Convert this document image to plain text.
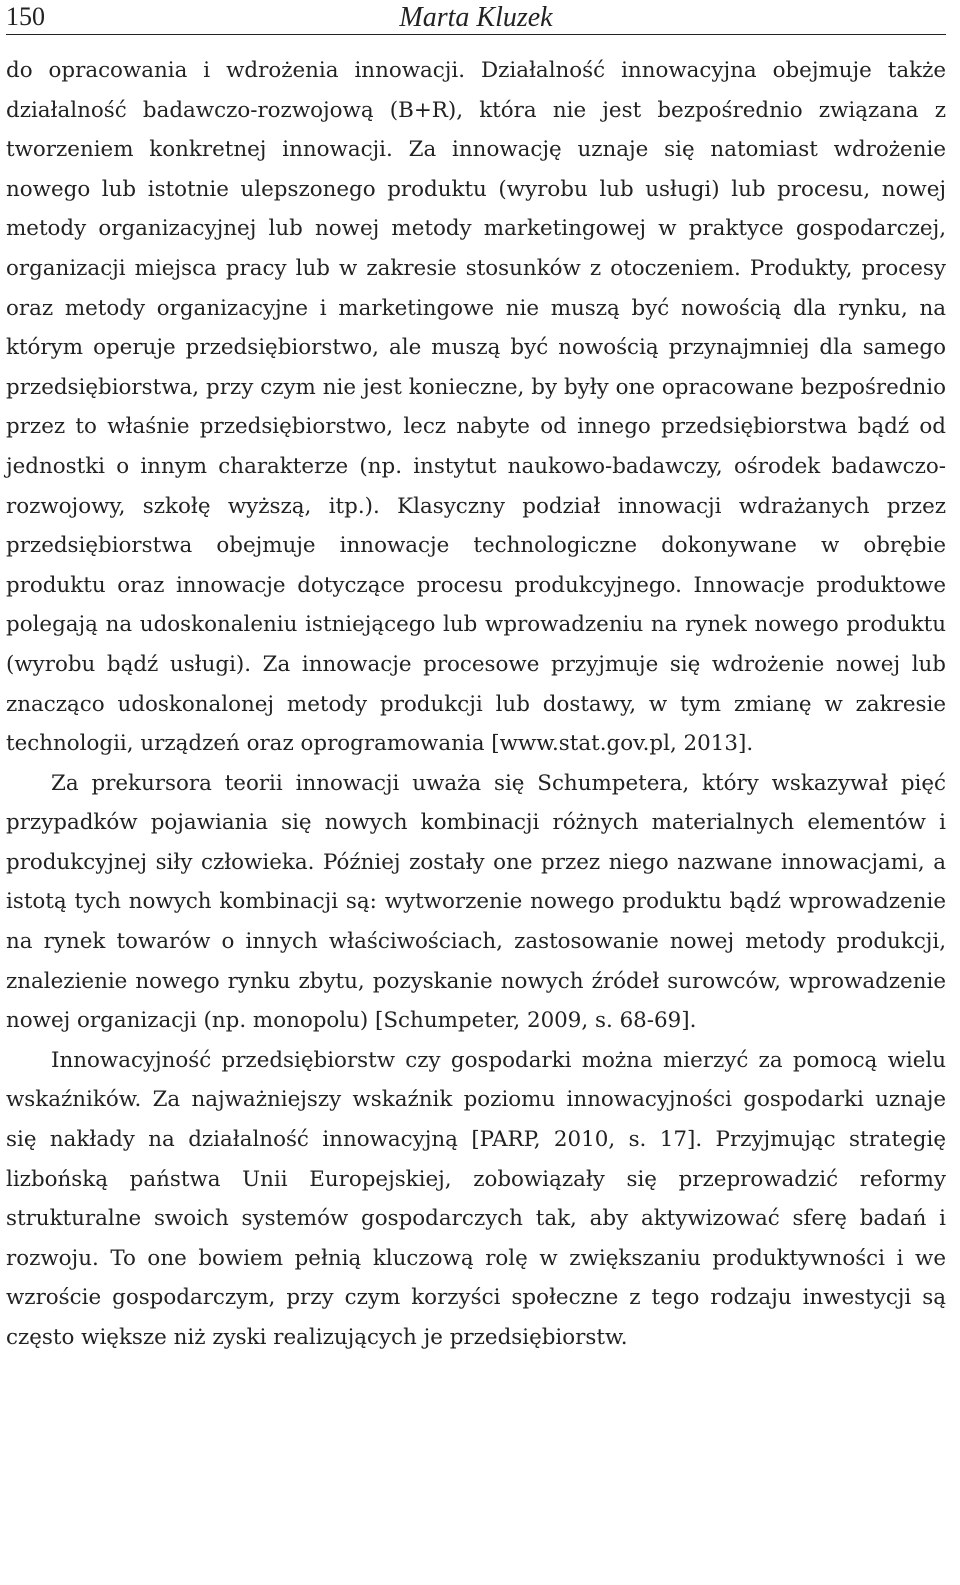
150	Marta Kluzek

do opracowania i wdrożenia innowacji. Działalność innowacyjna obejmuje także działalność badawczo-rozwojową (B+R), która nie jest bezpośrednio związana z tworzeniem konkretnej innowacji. Za innowację uznaje się natomiast wdrożenie nowego lub istotnie ulepszonego produktu (wyrobu lub usługi) lub procesu, nowej metody organizacyjnej lub nowej metody marketingowej w praktyce gospodarczej, organizacji miejsca pracy lub w zakresie stosunków z otoczeniem. Produkty, procesy oraz metody organizacyjne i marketingowe nie muszą być nowością dla rynku, na którym operuje przedsiębiorstwo, ale muszą być nowością przynajmniej dla samego przedsiębiorstwa, przy czym nie jest konieczne, by były one opracowane bezpośrednio przez to właśnie przedsiębiorstwo, lecz nabyte od innego przedsiębiorstwa bądź od jednostki o innym charakterze (np. instytut naukowo-badawczy, ośrodek badawczo-rozwojowy, szkołę wyższą, itp.). Klasyczny podział innowacji wdrażanych przez przedsiębiorstwa obejmuje innowacje technologiczne dokonywane w obrębie produktu oraz innowacje dotyczące procesu produkcyjnego. Innowacje produktowe polegają na udoskonaleniu istniejącego lub wprowadzeniu na rynek nowego produktu (wyrobu bądź usługi). Za innowacje procesowe przyjmuje się wdrożenie nowej lub znacząco udoskonalonej metody produkcji lub dostawy, w tym zmianę w zakresie technologii, urządzeń oraz oprogramowania [www.stat.gov.pl, 2013].

Za prekursora teorii innowacji uważa się Schumpetera, który wskazywał pięć przypadków pojawiania się nowych kombinacji różnych materialnych elementów i produkcyjnej siły człowieka. Później zostały one przez niego nazwane innowacjami, a istotą tych nowych kombinacji są: wytworzenie nowego produktu bądź wprowadzenie na rynek towarów o innych właściwościach, zastosowanie nowej metody produkcji, znalezienie nowego rynku zbytu, pozyskanie nowych źródeł surowców, wprowadzenie nowej organizacji (np. monopolu) [Schumpeter, 2009, s. 68-69].

Innowacyjność przedsiębiorstw czy gospodarki można mierzyć za pomocą wielu wskaźników. Za najważniejszy wskaźnik poziomu innowacyjności gospodarki uznaje się nakłady na działalność innowacyjną [PARP, 2010, s. 17]. Przyjmując strategię lizbońską państwa Unii Europejskiej, zobowiązały się przeprowadzić reformy strukturalne swoich systemów gospodarczych tak, aby aktywizować sferę badań i rozwoju. To one bowiem pełnią kluczową rolę w zwiększaniu produktywności i we wzroście gospodarczym, przy czym korzyści społeczne z tego rodzaju inwestycji są często większe niż zyski realizujących je przedsiębiorstw.
